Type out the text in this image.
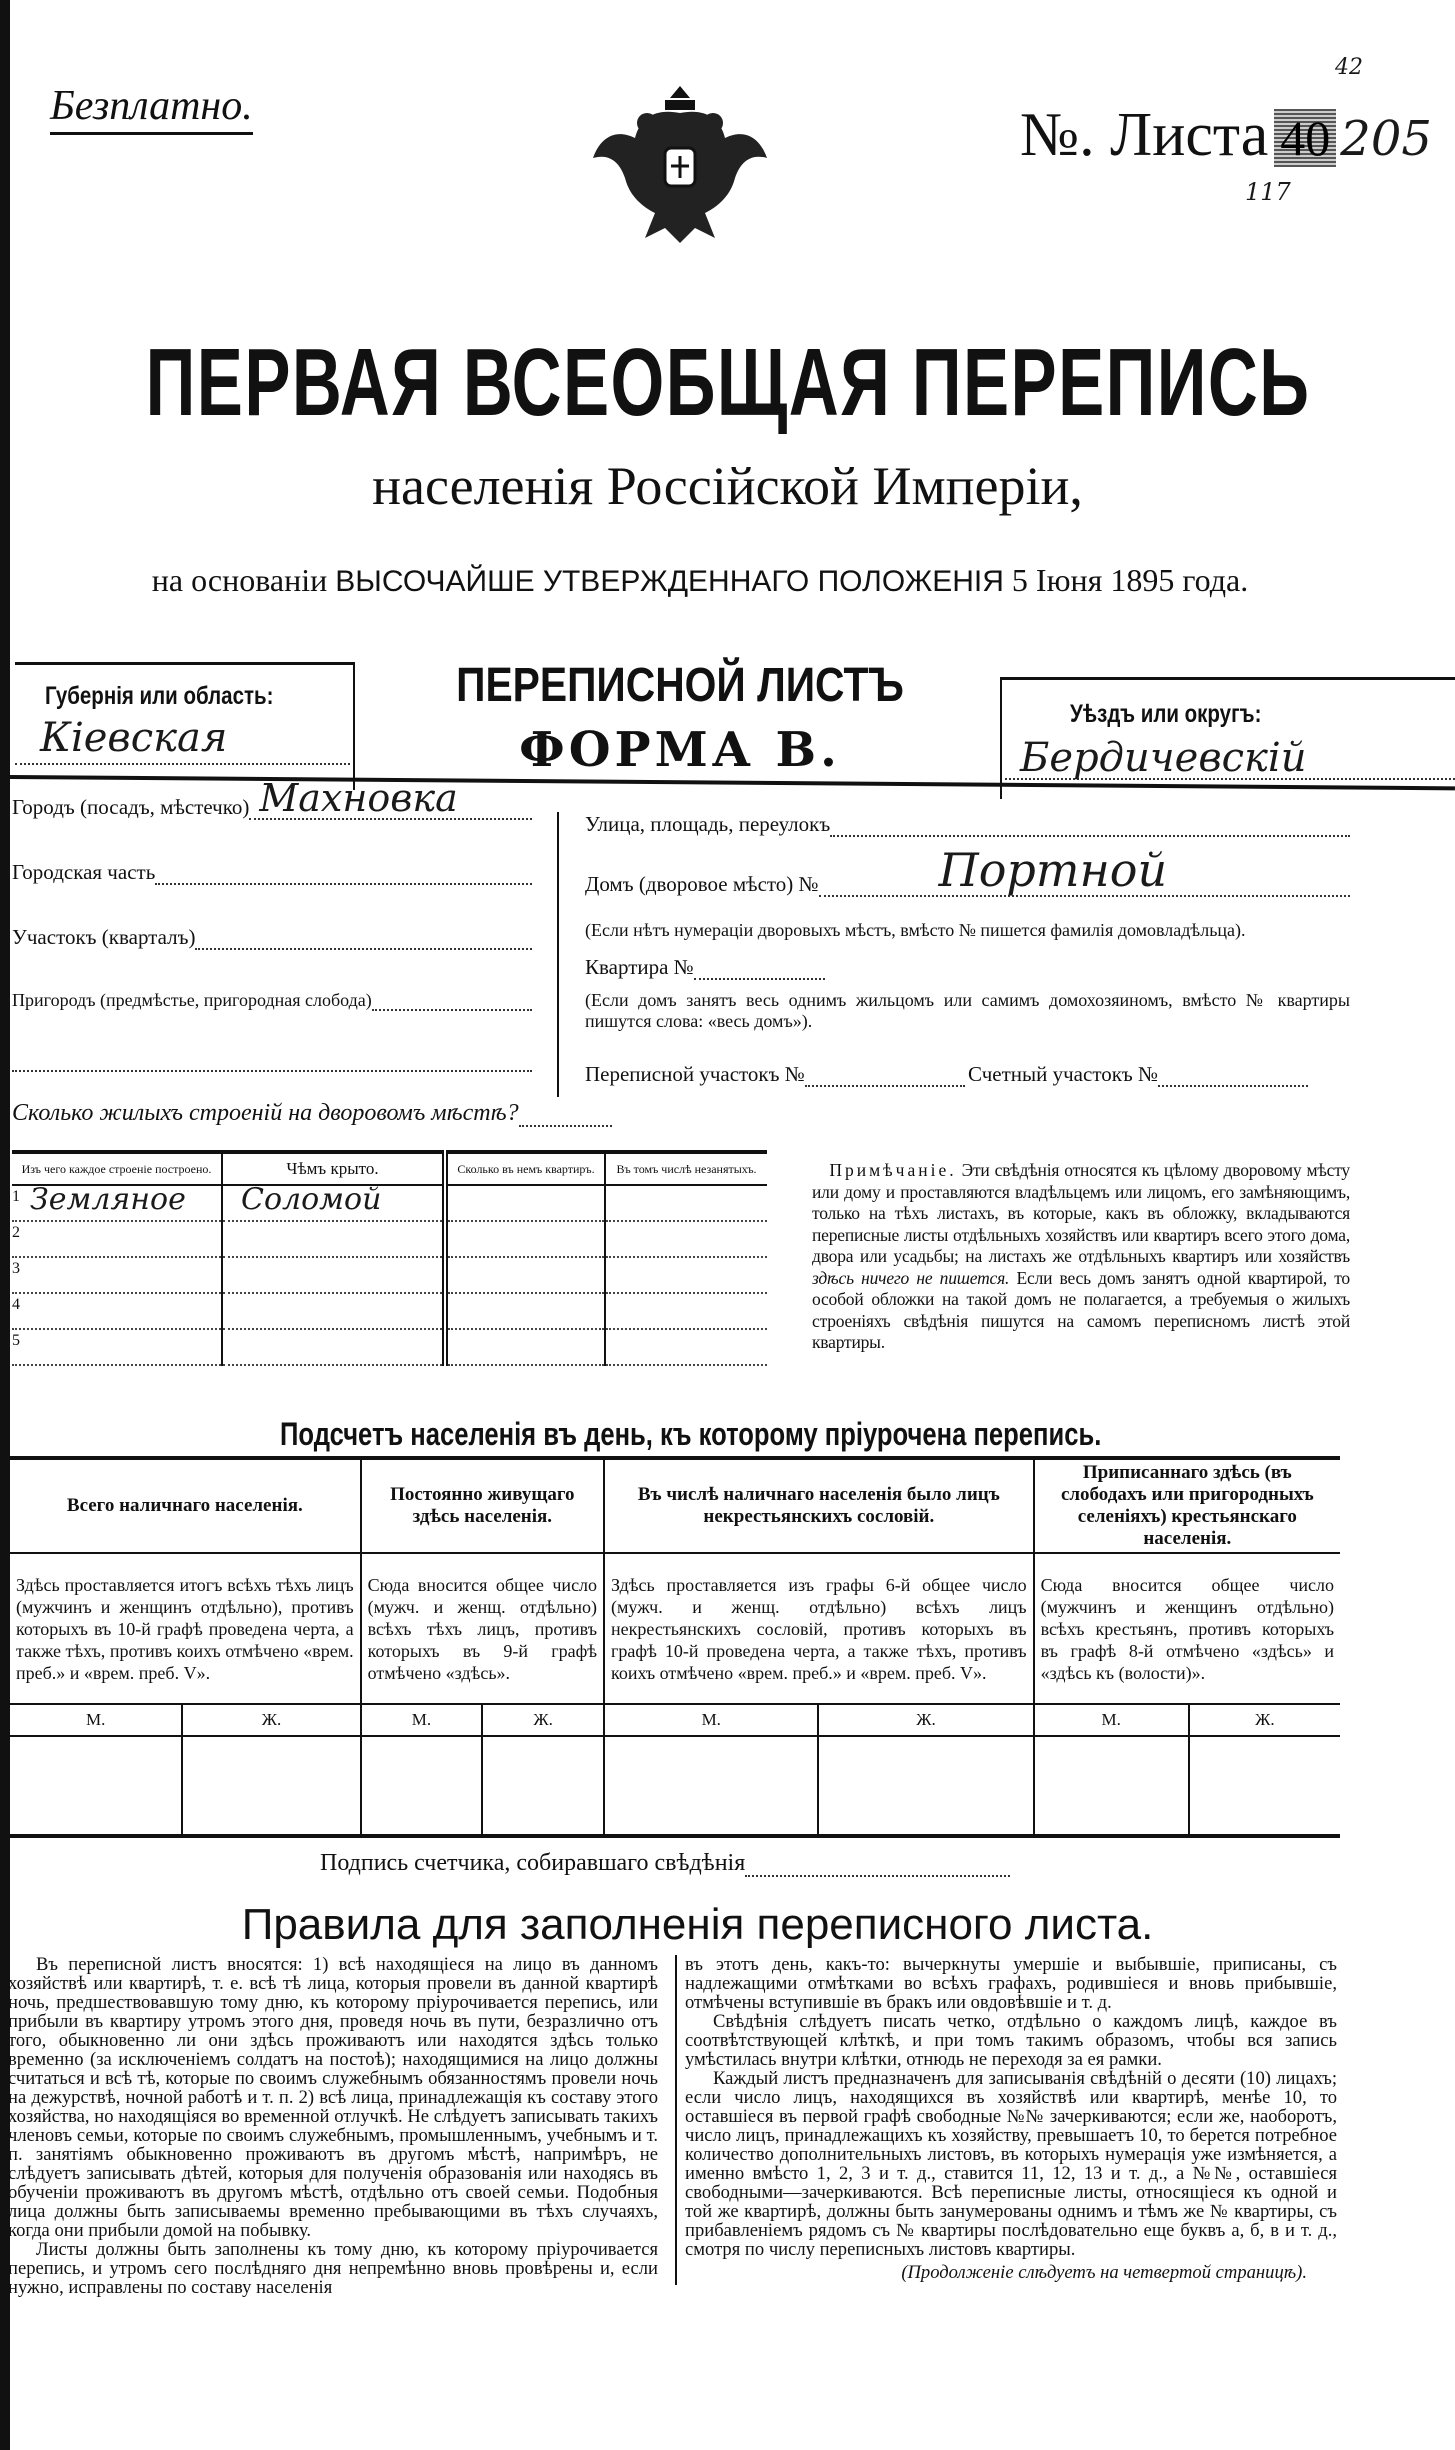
Безплатно.	№. Листа 40 205
42
117
ПЕРВАЯ ВСЕОБЩАЯ ПЕРЕПИСЬ
населенія Россійской Имперіи,
на основаніи ВЫСОЧАЙШЕ УТВЕРЖДЕННАГО ПОЛОЖЕНІЯ 5 Іюня 1895 года.
Губернія или область:
Кіевская
ПЕРЕПИСНОЙ ЛИСТЪ
ФОРМА В.
Уѣздъ или округъ:
Бердичевскій
Городъ (посадъ, мѣстечко) Махновка
Городская часть
Участокъ (кварталъ)
Пригородъ (предмѣстье, пригородная слобода)
Улица, площадь, переулокъ
Домъ (дворовое мѣсто) №	Портной
(Если нѣтъ нумераціи дворовыхъ мѣстъ, вмѣсто № пишется фамилія домовладѣльца).
Квартира №
(Если домъ занятъ весь однимъ жильцомъ или самимъ домохозяиномъ, вмѣсто № квартиры пишутся слова: «весь домъ»).
Переписной участокъ №	Счетный участокъ №
Сколько жилыхъ строеній на дворовомъ мѣстѣ?
Изъ чего каждое строеніе построено.	Чѣмъ крыто.	Сколько въ немъ квартиръ.	Въ томъ числѣ незанятыхъ.

1 Земляное	Соломой		

2			

3			

4			

5			

 Примѣчаніе. Эти свѣдѣнія относятся къ цѣлому дворовому мѣсту или дому и проставляются владѣльцемъ или лицомъ, его замѣняющимъ, только на тѣхъ листахъ, въ которые, какъ въ обложку, вкладываются переписные листы отдѣльныхъ хозяйствъ или квартиръ всего этого дома, двора или усадьбы; на листахъ же отдѣльныхъ квартиръ или хозяйствъ здѣсь ничего не пишется. Если весь домъ занятъ одной квартирой, то особой обложки на такой домъ не полагается, а требуемыя о жилыхъ строеніяхъ свѣдѣнія пишутся на самомъ переписномъ листѣ этой квартиры.
Подсчетъ населенія въ день, къ которому пріурочена перепись.
Всего наличнаго населенія.		Постоянно живущаго здѣсь населенія.		Въ числѣ наличнаго населенія было лицъ некрестьянскихъ сословій.		Приписаннаго здѣсь (въ слободахъ или пригородныхъ селеніяхъ) крестьянскаго населенія.	
Здѣсь проставляется итогъ всѣхъ тѣхъ лицъ (мужчинъ и женщинъ отдѣльно), противъ которыхъ въ 10-й графѣ проведена черта, а также тѣхъ, противъ коихъ отмѣчено «врем. преб.» и «врем. преб. V».		Сюда вносится общее число (мужч. и женщ. отдѣльно) всѣхъ тѣхъ лицъ, противъ которыхъ въ 9-й графѣ отмѣчено «здѣсь».		Здѣсь проставляется изъ графы 6-й общее число (мужч. и женщ. отдѣльно) всѣхъ лицъ некрестьянскихъ сословій, противъ которыхъ въ графѣ 10-й проведена черта, а также тѣхъ, противъ коихъ отмѣчено «врем. преб.» и «врем. преб. V».		Сюда вносится общее число (мужчинъ и женщинъ отдѣльно) всѣхъ крестьянъ, противъ которыхъ въ графѣ 8-й отмѣчено «здѣсь» и «здѣсь къ (волости)».	
М.	Ж.	М.	Ж.	М.	Ж.	М.	Ж.

Подпись счетчика, собиравшаго свѣдѣнія
Правила для заполненія переписного листа.

Въ переписной листъ вносятся: 1) всѣ находящіеся на лицо въ данномъ хозяйствѣ или квартирѣ, т. е. всѣ тѣ лица, которыя провели въ данной квартирѣ ночь, предшествовавшую тому дню, къ которому пріурочивается перепись, или прибыли въ квартиру утромъ этого дня, проведя ночь въ пути, безразлично отъ того, обыкновенно ли они здѣсь проживаютъ или находятся здѣсь только временно (за исключеніемъ солдатъ на постоѣ); находящимися на лицо должны считаться и всѣ тѣ, которые по своимъ служебнымъ обязанностямъ провели ночь на дежурствѣ, ночной работѣ и т. п. 2) всѣ лица, принадлежащія къ составу этого хозяйства, но находящіяся во временной отлучкѣ. Не слѣдуетъ записывать такихъ членовъ семьи, которые по своимъ служебнымъ, промышленнымъ, учебнымъ и т. п. занятіямъ обыкновенно проживаютъ въ другомъ мѣстѣ, напримѣръ, не слѣдуетъ записывать дѣтей, которыя для полученія образованія или находясь въ обученіи проживаютъ въ другомъ мѣстѣ, отдѣльно отъ своей семьи. Подобныя лица должны быть записываемы временно пребывающими въ тѣхъ случаяхъ, когда они прибыли домой на побывку.

Листы должны быть заполнены къ тому дню, къ которому пріурочивается перепись, и утромъ сего послѣдняго дня непремѣнно вновь провѣрены и, если нужно, исправлены по составу населенія

въ этотъ день, какъ-то: вычеркнуты умершіе и выбывшіе, приписаны, съ надлежащими отмѣтками во всѣхъ графахъ, родившіеся и вновь прибывшіе, отмѣчены вступившіе въ бракъ или овдовѣвшіе и т. д.

Свѣдѣнія слѣдуетъ писать четко, отдѣльно о каждомъ лицѣ, каждое въ соотвѣтствующей клѣткѣ, и при томъ такимъ образомъ, чтобы вся запись умѣстилась внутри клѣтки, отнюдь не переходя за ея рамки.

Каждый листъ предназначенъ для записыванія свѣдѣній о десяти (10) лицахъ; если число лицъ, находящихся въ хозяйствѣ или квартирѣ, менѣе 10, то оставшіеся въ первой графѣ свободные №№ зачеркиваются; если же, наоборотъ, число лицъ, принадлежащихъ къ хозяйству, превышаетъ 10, то берется потребное количество дополнительныхъ листовъ, въ которыхъ нумерація уже измѣняется, а именно вмѣсто 1, 2, 3 и т. д., ставится 11, 12, 13 и т. д., а №№, оставшіеся свободными—зачеркиваются. Всѣ переписные листы, относящіеся къ одной и той же квартирѣ, должны быть занумерованы однимъ и тѣмъ же № квартиры, съ прибавленіемъ рядомъ съ № квартиры послѣдовательно еще буквъ а, б, в и т. д., смотря по числу переписныхъ листовъ квартиры.

(Продолженіе слѣдуетъ на четвертой страницѣ).
